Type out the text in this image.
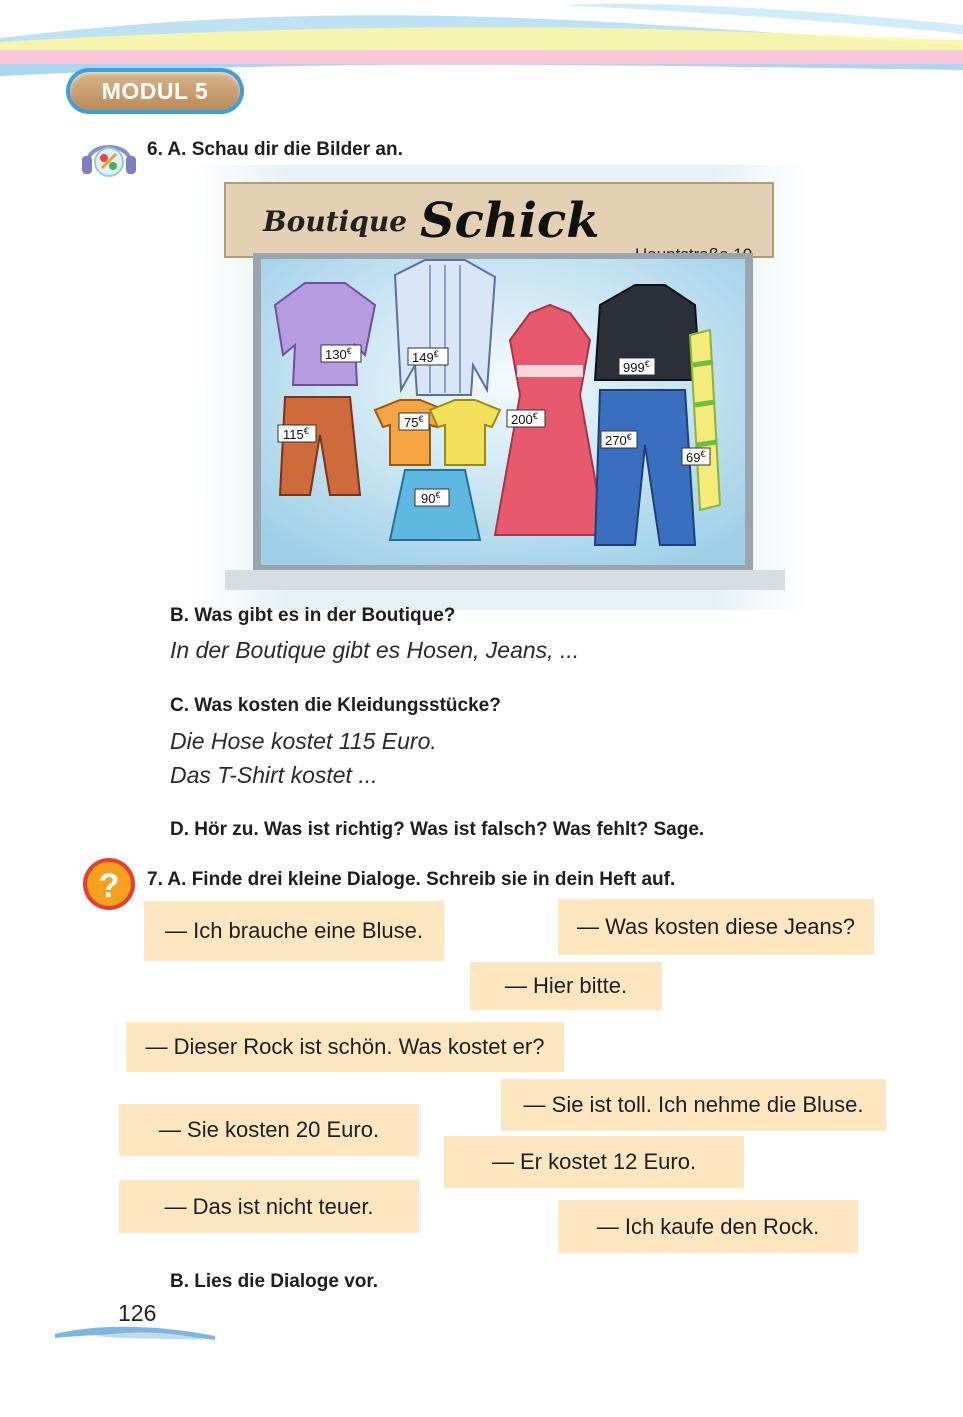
MODUL 5
6. A. Schau dir die Bilder an.
Boutique Schick
130€	149€
999€
115€
75€	200€
270€
69€
90€
B. Was gibt es in der Boutique?
In der Boutique gibt es Hosen, Jeans, ...
C. Was kosten die Kleidungsstücke?
Die Hose kostet 115 Euro.
Das T-Shirt kostet ...
D. Hör zu. Was ist richtig? Was ist falsch? Was fehlt? Sage.
? 7. A. Finde drei kleine Dialoge. Schreib sie in dein Heft auf.
— Ich brauche eine Bluse.	— Was kosten diese Jeans?
— Hier bitte.
— Dieser Rock ist schön. Was kostet er?
— Sie ist toll. Ich nehme die Bluse.
— Sie kosten 20 Euro.
— Er kostet 12 Euro.
— Das ist nicht teuer.
— Ich kaufe den Rock.
B. Lies die Dialoge vor.
126
